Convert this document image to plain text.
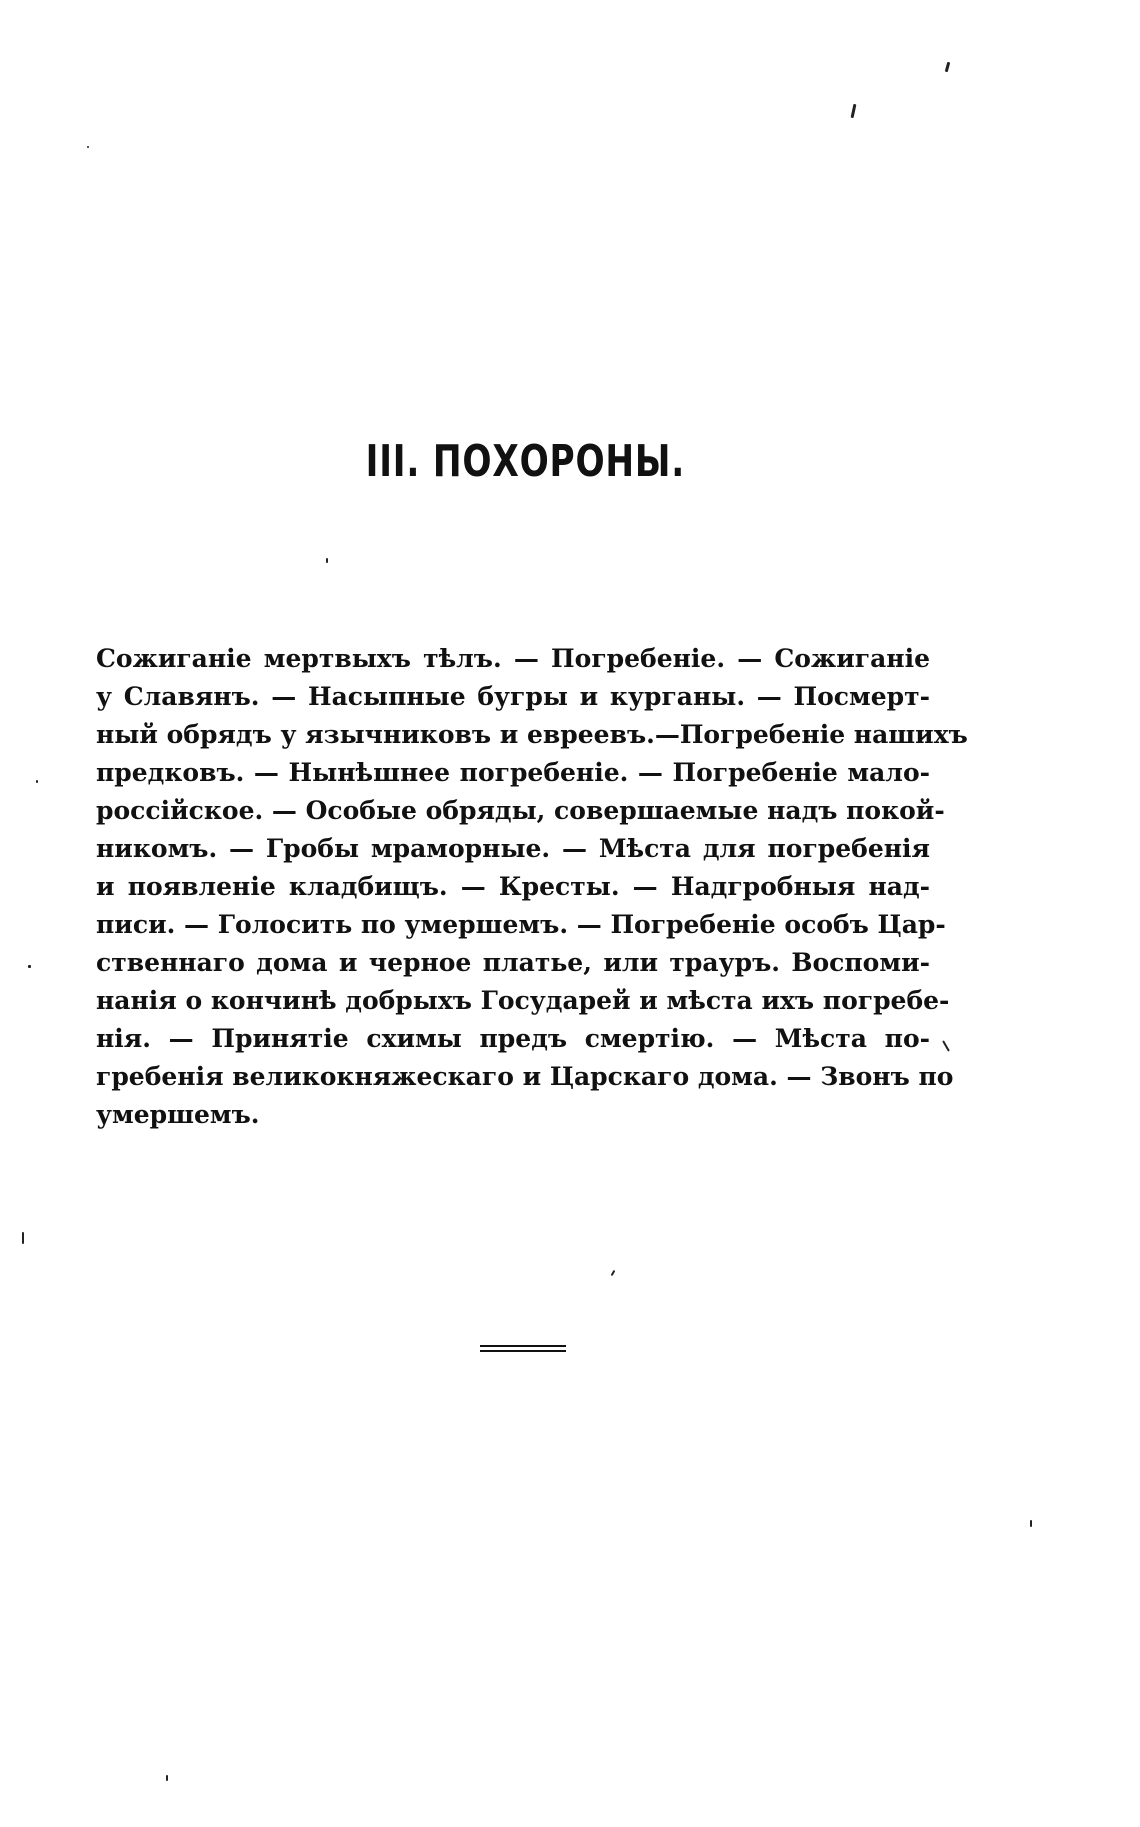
III. ПОХОРОНЫ.
Сожиганіе мертвыхъ тѣлъ. — Погребеніе. — Сожиганіе
у Славянъ. — Насыпные бугры и курганы. — Посмерт-
ный обрядъ у язычниковъ и евреевъ.—Погребеніе нашихъ
предковъ. — Нынѣшнее погребеніе. — Погребеніе мало-
россійское. — Особые обряды, совершаемые надъ покой-
никомъ. — Гробы мраморные. — Мѣста для погребенія
и появленіе кладбищъ. — Кресты. — Надгробныя над-
писи. — Голосить по умершемъ. — Погребеніе особъ Цар-
ственнаго дома и черное платье, или трауръ. Воспоми-
нанія о кончинѣ добрыхъ Государей и мѣста ихъ погребе-
нія. — Принятіе схимы предъ смертію. — Мѣста по-
гребенія великокняжескаго и Царскаго дома. — Звонъ по
умершемъ.
